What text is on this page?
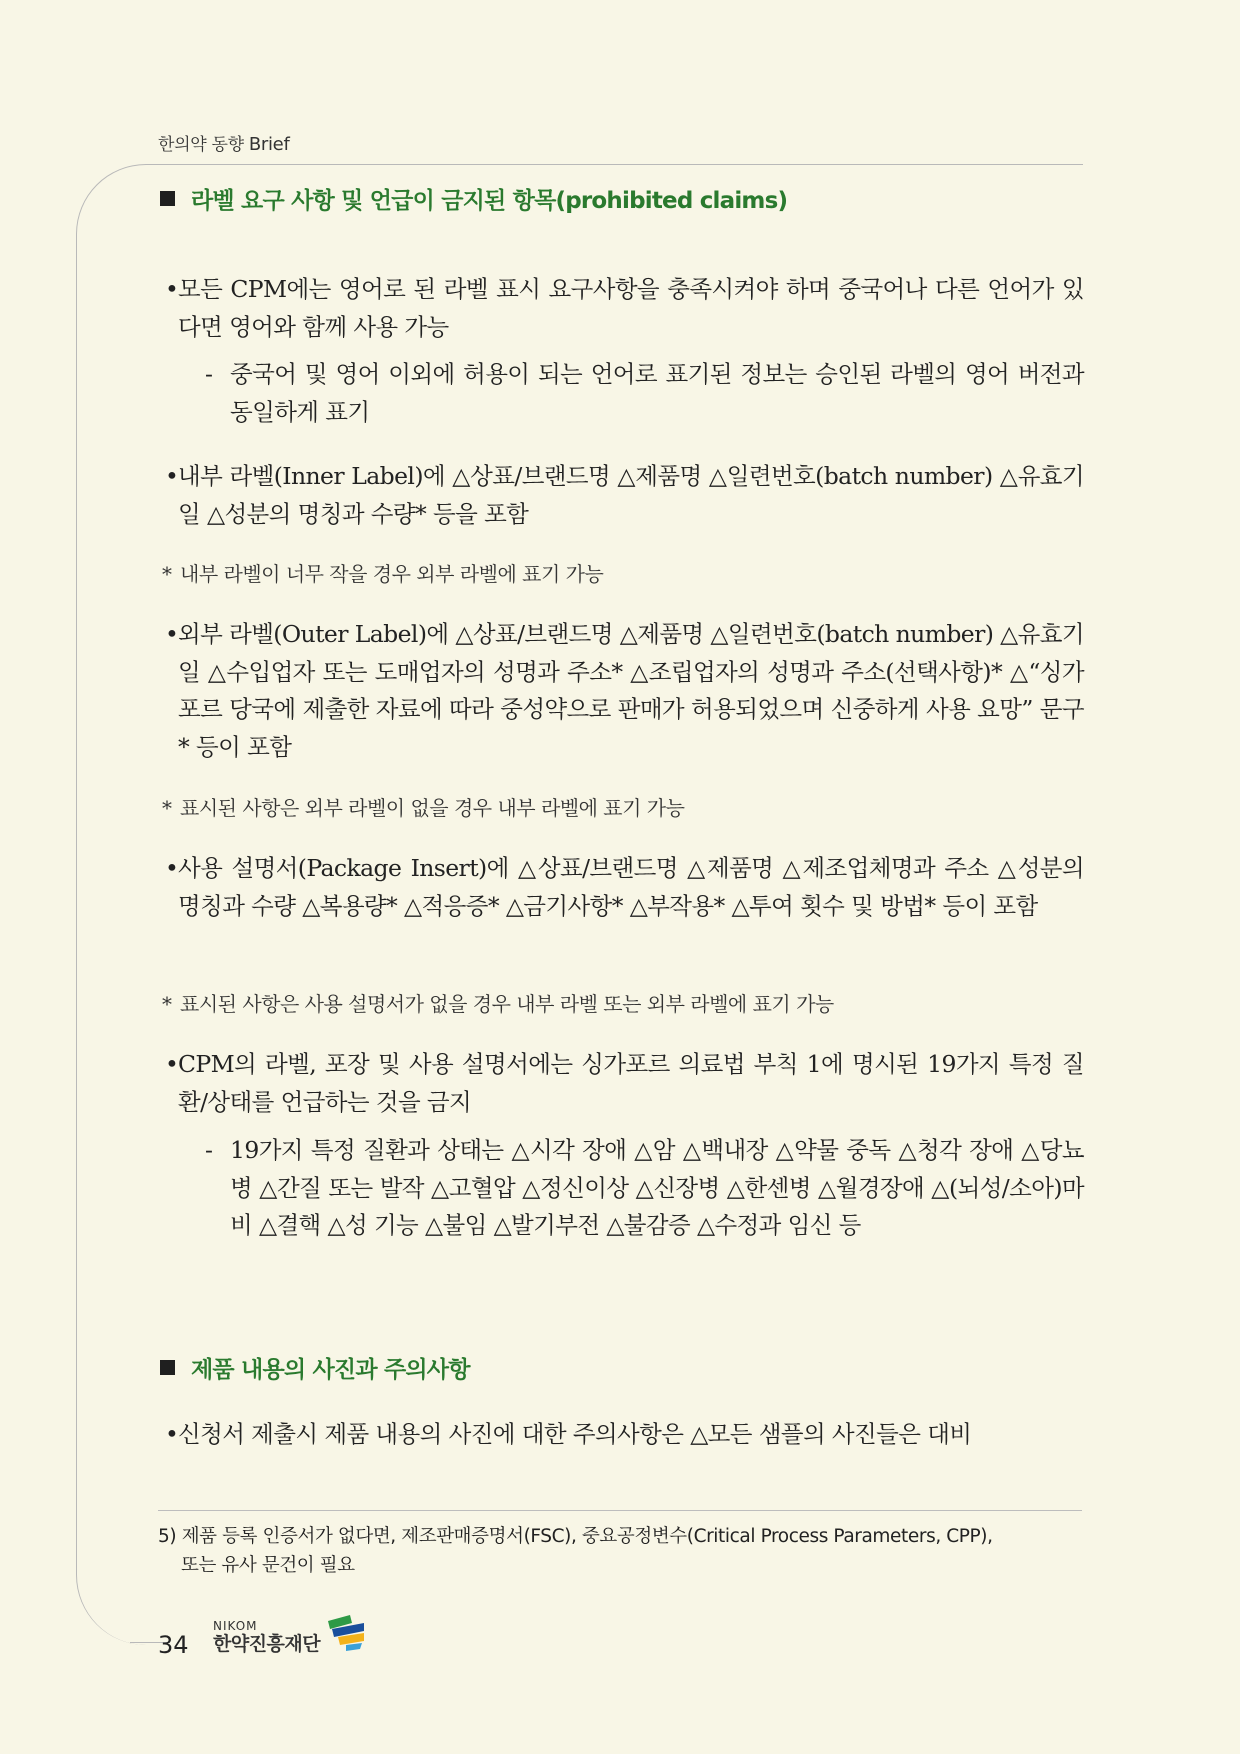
한의약 동향 Brief
라벨 요구 사항 및 언급이 금지된 항목(prohibited claims)
• 모든 CPM에는 영어로 된 라벨 표시 요구사항을 충족시켜야 하며 중국어나 다른 언어가 있다면 영어와 함께 사용 가능
- 중국어 및 영어 이외에 허용이 되는 언어로 표기된 정보는 승인된 라벨의 영어 버전과 동일하게 표기
• 내부 라벨(Inner Label)에 △상표/브랜드명 △제품명 △일련번호(batch number) △유효기일 △성분의 명칭과 수량* 등을 포함
* 내부 라벨이 너무 작을 경우 외부 라벨에 표기 가능
• 외부 라벨(Outer Label)에 △상표/브랜드명 △제품명 △일련번호(batch number) △유효기일 △수입업자 또는 도매업자의 성명과 주소* △조립업자의 성명과 주소(선택사항)* △“싱가포르 당국에 제출한 자료에 따라 중성약으로 판매가 허용되었으며 신중하게 사용 요망” 문구* 등이 포함
* 표시된 사항은 외부 라벨이 없을 경우 내부 라벨에 표기 가능
• 사용 설명서(Package Insert)에 △상표/브랜드명 △제품명 △제조업체명과 주소 △성분의 명칭과 수량 △복용량* △적응증* △금기사항* △부작용* △투여 횟수 및 방법* 등이 포함
* 표시된 사항은 사용 설명서가 없을 경우 내부 라벨 또는 외부 라벨에 표기 가능
• CPM의 라벨, 포장 및 사용 설명서에는 싱가포르 의료법 부칙 1에 명시된 19가지 특정 질환/상태를 언급하는 것을 금지
- 19가지 특정 질환과 상태는 △시각 장애 △암 △백내장 △약물 중독 △청각 장애 △당뇨병 △간질 또는 발작 △고혈압 △정신이상 △신장병 △한센병 △월경장애 △(뇌성/소아)마비 △결핵 △성 기능 △불임 △발기부전 △불감증 △수정과 임신 등
제품 내용의 사진과 주의사항
• 신청서 제출시 제품 내용의 사진에 대한 주의사항은 △모든 샘플의 사진들은 대비
5) 제품 등록 인증서가 없다면, 제조판매증명서(FSC), 중요공정변수(Critical Process Parameters, CPP),
또는 유사 문건이 필요
34
NIKOM
한약진흥재단
